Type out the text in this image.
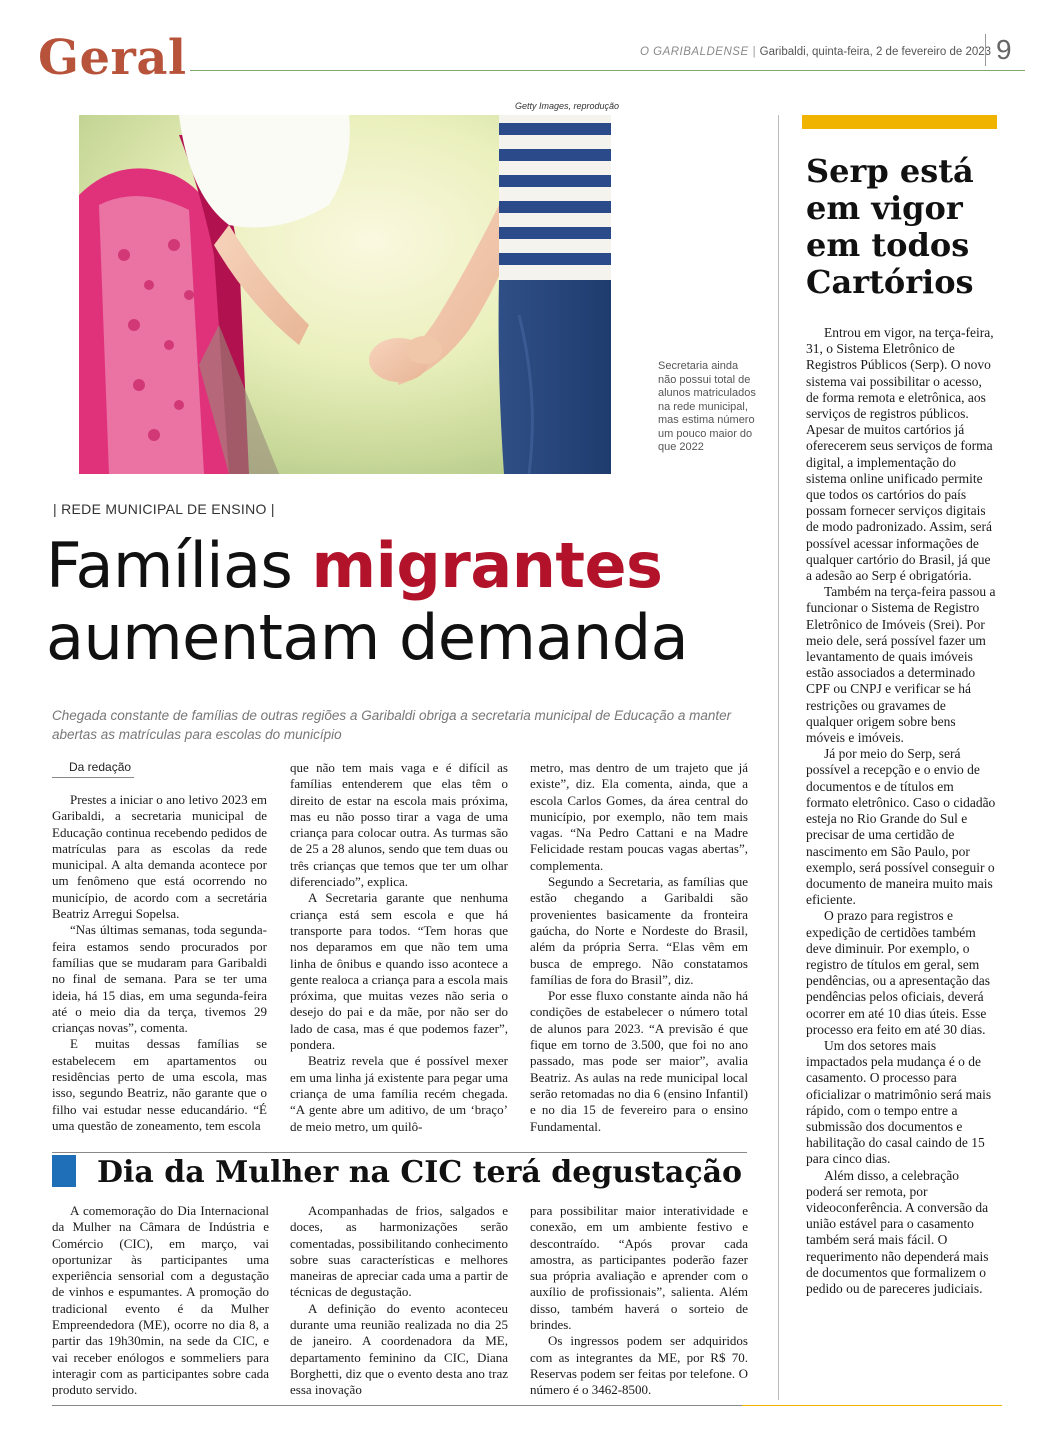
Geral	O GARIBALDENSE | Garibaldi, quinta-feira, 2 de fevereiro de 2023 9
Getty Images, reprodução
Secretaria ainda não possui total de alunos matriculados na rede municipal, mas estima número um pouco maior do que 2022
| REDE MUNICIPAL DE ENSINO |
Famílias migrantes
aumentam demanda
Chegada constante de famílias de outras regiões a Garibaldi obriga a secretaria municipal de Educação a manter abertas as matrículas para escolas do município
Da redação

Prestes a iniciar o ano letivo 2023 em Garibaldi, a secretaria municipal de Educação continua recebendo pedidos de matrículas para as escolas da rede municipal. A alta demanda acontece por um fenômeno que está ocorrendo no município, de acordo com a secretária Beatriz Arregui Sopelsa.

“Nas últimas semanas, toda segunda-feira estamos sendo procurados por famílias que se mudaram para Garibaldi no final de semana. Para se ter uma ideia, há 15 dias, em uma segunda-feira até o meio dia da terça, tivemos 29 crianças novas”, comenta.

E muitas dessas famílias se estabelecem em apartamentos ou residências perto de uma escola, mas isso, segundo Beatriz, não garante que o filho vai estudar nesse educandário. “É uma questão de zoneamento, tem escola

que não tem mais vaga e é difícil as famílias entenderem que elas têm o direito de estar na escola mais próxima, mas eu não posso tirar a vaga de uma criança para colocar outra. As turmas são de 25 a 28 alunos, sendo que tem duas ou três crianças que temos que ter um olhar diferenciado”, explica.

A Secretaria garante que nenhuma criança está sem escola e que há transporte para todos. “Tem horas que nos deparamos em que não tem uma linha de ônibus e quando isso acontece a gente realoca a criança para a escola mais próxima, que muitas vezes não seria o desejo do pai e da mãe, por não ser do lado de casa, mas é que podemos fazer”, pondera.

Beatriz revela que é possível mexer em uma linha já existente para pegar uma criança de uma família recém chegada. “A gente abre um aditivo, de um ‘braço’ de meio metro, um quilô-

metro, mas dentro de um trajeto que já existe”, diz. Ela comenta, ainda, que a escola Carlos Gomes, da área central do município, por exemplo, não tem mais vagas. “Na Pedro Cattani e na Madre Felicidade restam poucas vagas abertas”, complementa.

Segundo a Secretaria, as famílias que estão chegando a Garibaldi são provenientes basicamente da fronteira gaúcha, do Norte e Nordeste do Brasil, além da própria Serra. “Elas vêm em busca de emprego. Não constatamos famílias de fora do Brasil”, diz.

Por esse fluxo constante ainda não há condições de estabelecer o número total de alunos para 2023. “A previsão é que fique em torno de 3.500, que foi no ano passado, mas pode ser maior”, avalia Beatriz. As aulas na rede municipal local serão retomadas no dia 6 (ensino Infantil) e no dia 15 de fevereiro para o ensino Fundamental.

Dia da Mulher na CIC terá degustação

A comemoração do Dia Internacional da Mulher na Câmara de Indústria e Comércio (CIC), em março, vai oportunizar às participantes uma experiência sensorial com a degustação de vinhos e espumantes. A promoção do tradicional evento é da Mulher Empreendedora (ME), ocorre no dia 8, a partir das 19h30min, na sede da CIC, e vai receber enólogos e sommeliers para interagir com as participantes sobre cada produto servido.

Acompanhadas de frios, salgados e doces, as harmonizações serão comentadas, possibilitando conhecimento sobre suas características e melhores maneiras de apreciar cada uma a partir de técnicas de degustação.

A definição do evento aconteceu durante uma reunião realizada no dia 25 de janeiro. A coordenadora da ME, departamento feminino da CIC, Diana Borghetti, diz que o evento desta ano traz essa inovação

para possibilitar maior interatividade e conexão, em um ambiente festivo e descontraído. “Após provar cada amostra, as participantes poderão fazer sua própria avaliação e aprender com o auxílio de profissionais”, salienta. Além disso, também haverá o sorteio de brindes.

Os ingressos podem ser adquiridos com as integrantes da ME, por R$ 70. Reservas podem ser feitas por telefone. O número é o 3462-8500.

Serp está em vigor em todos Cartórios

Entrou em vigor, na terça-feira, 31, o Sistema Eletrônico de Registros Públicos (Serp). O novo sistema vai possibilitar o acesso, de forma remota e eletrônica, aos serviços de registros públicos. Apesar de muitos cartórios já oferecerem seus serviços de forma digital, a implementação do sistema online unificado permite que todos os cartórios do país possam fornecer serviços digitais de modo padronizado. Assim, será possível acessar informações de qualquer cartório do Brasil, já que a adesão ao Serp é obrigatória.

Também na terça-feira passou a funcionar o Sistema de Registro Eletrônico de Imóveis (Srei). Por meio dele, será possível fazer um levantamento de quais imóveis estão associados a determinado CPF ou CNPJ e verificar se há restrições ou gravames de qualquer origem sobre bens móveis e imóveis.

Já por meio do Serp, será possível a recepção e o envio de documentos e de títulos em formato eletrônico. Caso o cidadão esteja no Rio Grande do Sul e precisar de uma certidão de nascimento em São Paulo, por exemplo, será possível conseguir o documento de maneira muito mais eficiente.

O prazo para registros e expedição de certidões também deve diminuir. Por exemplo, o registro de títulos em geral, sem pendências, ou a apresentação das pendências pelos oficiais, deverá ocorrer em até 10 dias úteis. Esse processo era feito em até 30 dias.

Um dos setores mais impactados pela mudança é o de casamento. O processo para oficializar o matrimônio será mais rápido, com o tempo entre a submissão dos documentos e habilitação do casal caindo de 15 para cinco dias.

Além disso, a celebração poderá ser remota, por videoconferência. A conversão da união estável para o casamento também será mais fácil. O requerimento não dependerá mais de documentos que formalizem o pedido ou de pareceres judiciais.
